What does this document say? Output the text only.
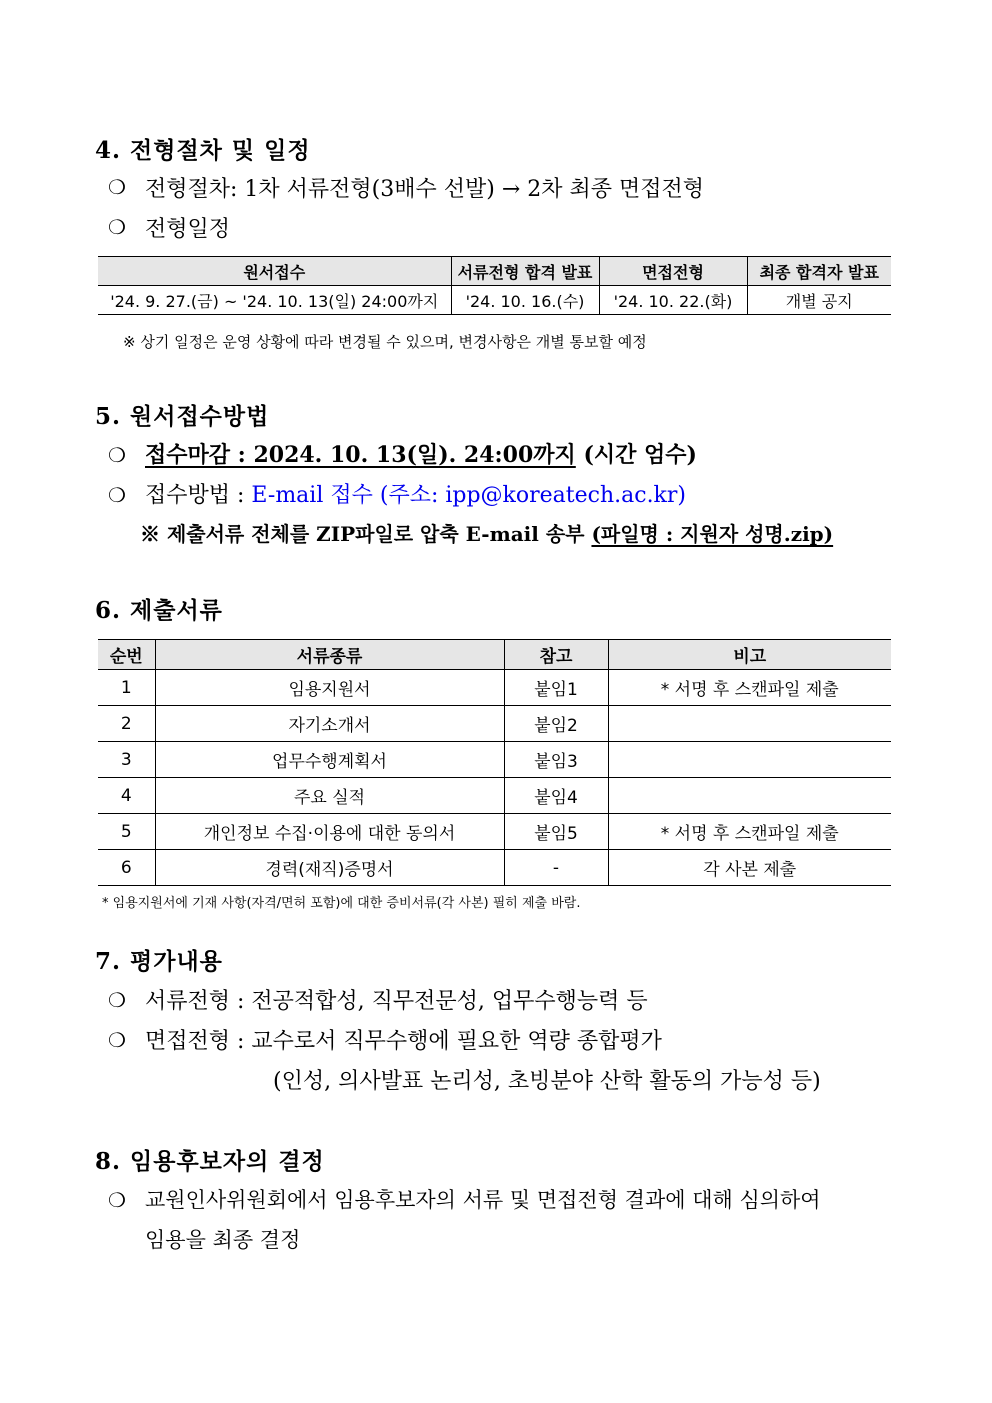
4. 전형절차 및 일정
❍ 전형절차: 1차 서류전형(3배수 선발) → 2차 최종 면접전형
❍ 전형일정
원서접수	서류전형 합격 발표	면접전형	최종 합격자 발표
'24. 9. 27.(금) ~ '24. 10. 13(일) 24:00까지	'24. 10. 16.(수)	'24. 10. 22.(화)	개별 공지
※ 상기 일정은 운영 상황에 따라 변경될 수 있으며, 변경사항은 개별 통보할 예정
5. 원서접수방법
❍ 접수마감 : 2024. 10. 13(일). 24:00까지 (시간 엄수)
❍ 접수방법 : E-mail 접수 (주소: ipp@koreatech.ac.kr)
※ 제출서류 전체를 ZIP파일로 압축 E-mail 송부 (파일명 : 지원자 성명.zip)
6. 제출서류
순번	서류종류	참고	비고
1	임용지원서	붙임1	* 서명 후 스캔파일 제출
2	자기소개서	붙임2	
3	업무수행계획서	붙임3	
4	주요 실적	붙임4	
5	개인정보 수집·이용에 대한 동의서	붙임5	* 서명 후 스캔파일 제출
6	경력(재직)증명서	-	각 사본 제출
* 임용지원서에 기재 사항(자격/면허 포함)에 대한 증비서류(각 사본) 필히 제출 바람.
7. 평가내용
❍ 서류전형 : 전공적합성, 직무전문성, 업무수행능력 등
❍ 면접전형 : 교수로서 직무수행에 필요한 역량 종합평가
(인성, 의사발표 논리성, 초빙분야 산학 활동의 가능성 등)
8. 임용후보자의 결정
❍ 교원인사위원회에서 임용후보자의 서류 및 면접전형 결과에 대해 심의하여
임용을 최종 결정
